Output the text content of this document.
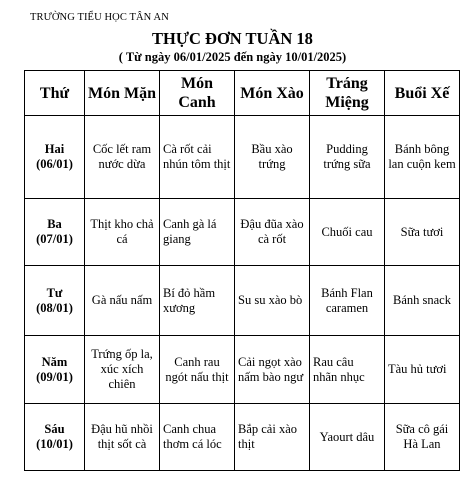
TRƯỜNG TIỂU HỌC TÂN AN
THỰC ĐƠN TUẦN 18
( Từ ngày 06/01/2025 đến ngày 10/01/2025)
Thứ	Món Mặn	Món Canh	Món Xào	Tráng Miệng	Buổi Xế

Hai
(06/01)	Cốc lết ram nước dừa	Cà rốt cải nhún tôm thịt	Bầu xào trứng	Pudding trứng sữa	Bánh bông lan cuộn kem

Ba
(07/01)	Thịt kho chả cá	Canh gà lá giang	Đậu đũa xào cà rốt	Chuối cau	Sữa tươi

Tư
(08/01)	Gà nấu nấm	Bí đỏ hầm xương	Su su xào bò	Bánh Flan caramen	Bánh snack

Năm
(09/01)	Trứng ốp la, xúc xích chiên	Canh rau ngót nấu thịt	Cải ngọt xào nấm bào ngư	Rau câu nhãn nhục	Tàu hủ tươi

Sáu
(10/01)	Đậu hũ nhồi thịt sốt cà	Canh chua thơm cá lóc	Bắp cải xào thịt	Yaourt dâu	Sữa cô gái Hà Lan
